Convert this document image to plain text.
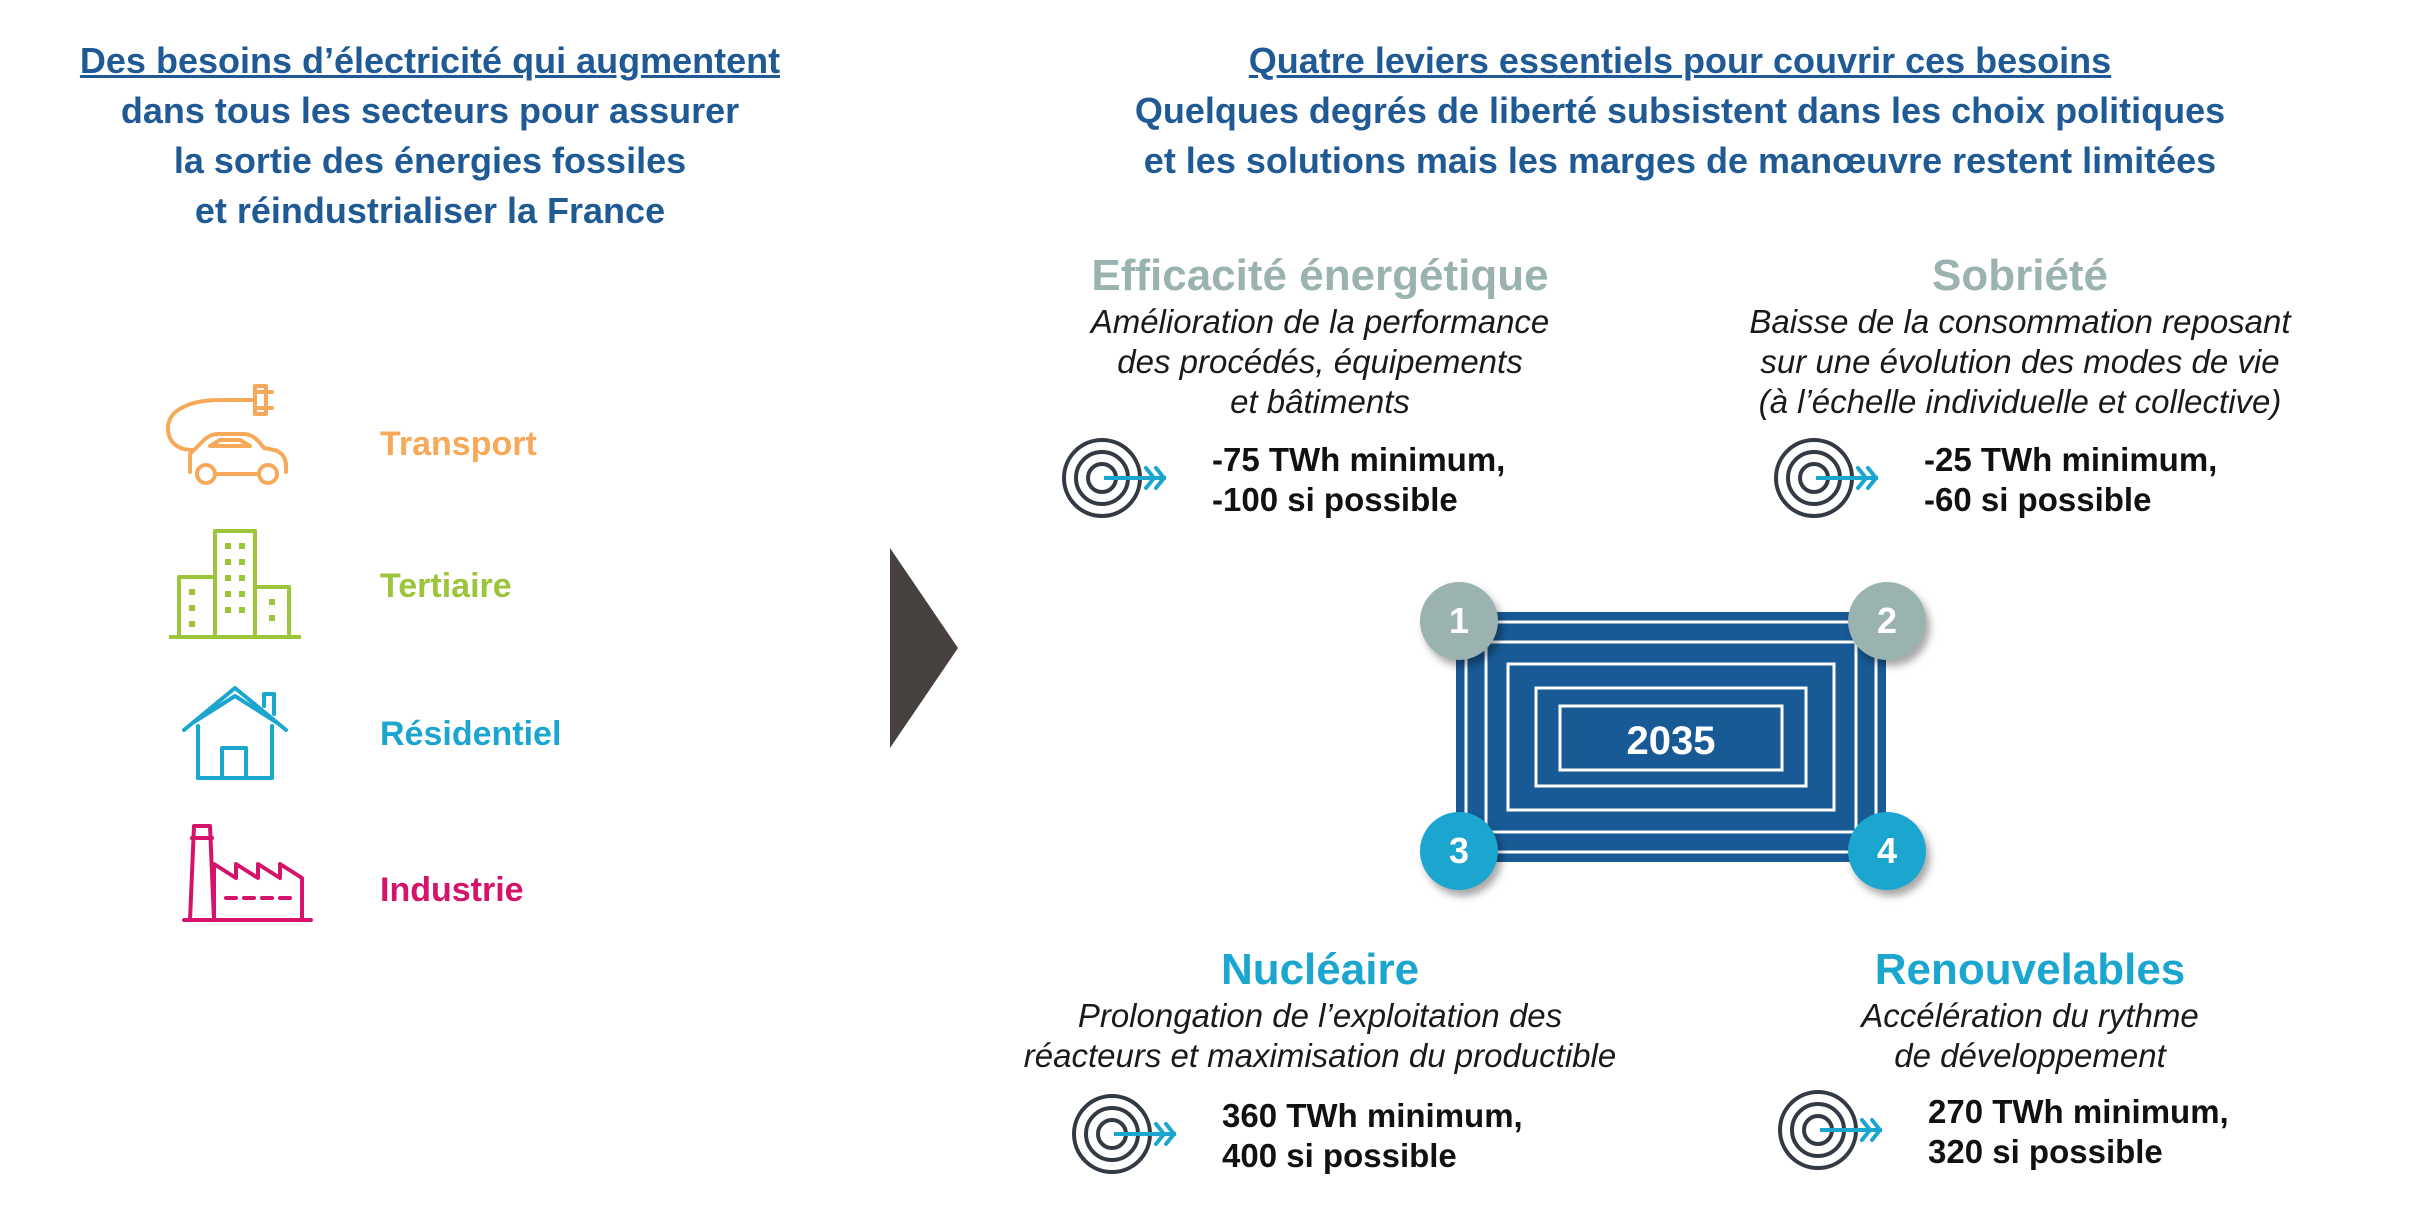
Des besoins d’électricité qui augmentent
dans tous les secteurs pour assurer
la sortie des énergies fossiles
et réindustrialiser la France
Quatre leviers essentiels pour couvrir ces besoins
Quelques degrés de liberté subsistent dans les choix politiques
et les solutions mais les marges de manœuvre restent limitées
Transport
Tertiaire
Résidentiel
Industrie
2035
1	2
3	4
Efficacité énergétique
Amélioration de la performance
des procédés, équipements
et bâtiments
-75 TWh minimum,
-100 si possible
Sobriété
Baisse de la consommation reposant
sur une évolution des modes de vie
(à l’échelle individuelle et collective)
-25 TWh minimum,
-60 si possible
Nucléaire
Prolongation de l’exploitation des
réacteurs et maximisation du productible
360 TWh minimum,
400 si possible
Renouvelables
Accélération du rythme
de développement
270 TWh minimum,
320 si possible
